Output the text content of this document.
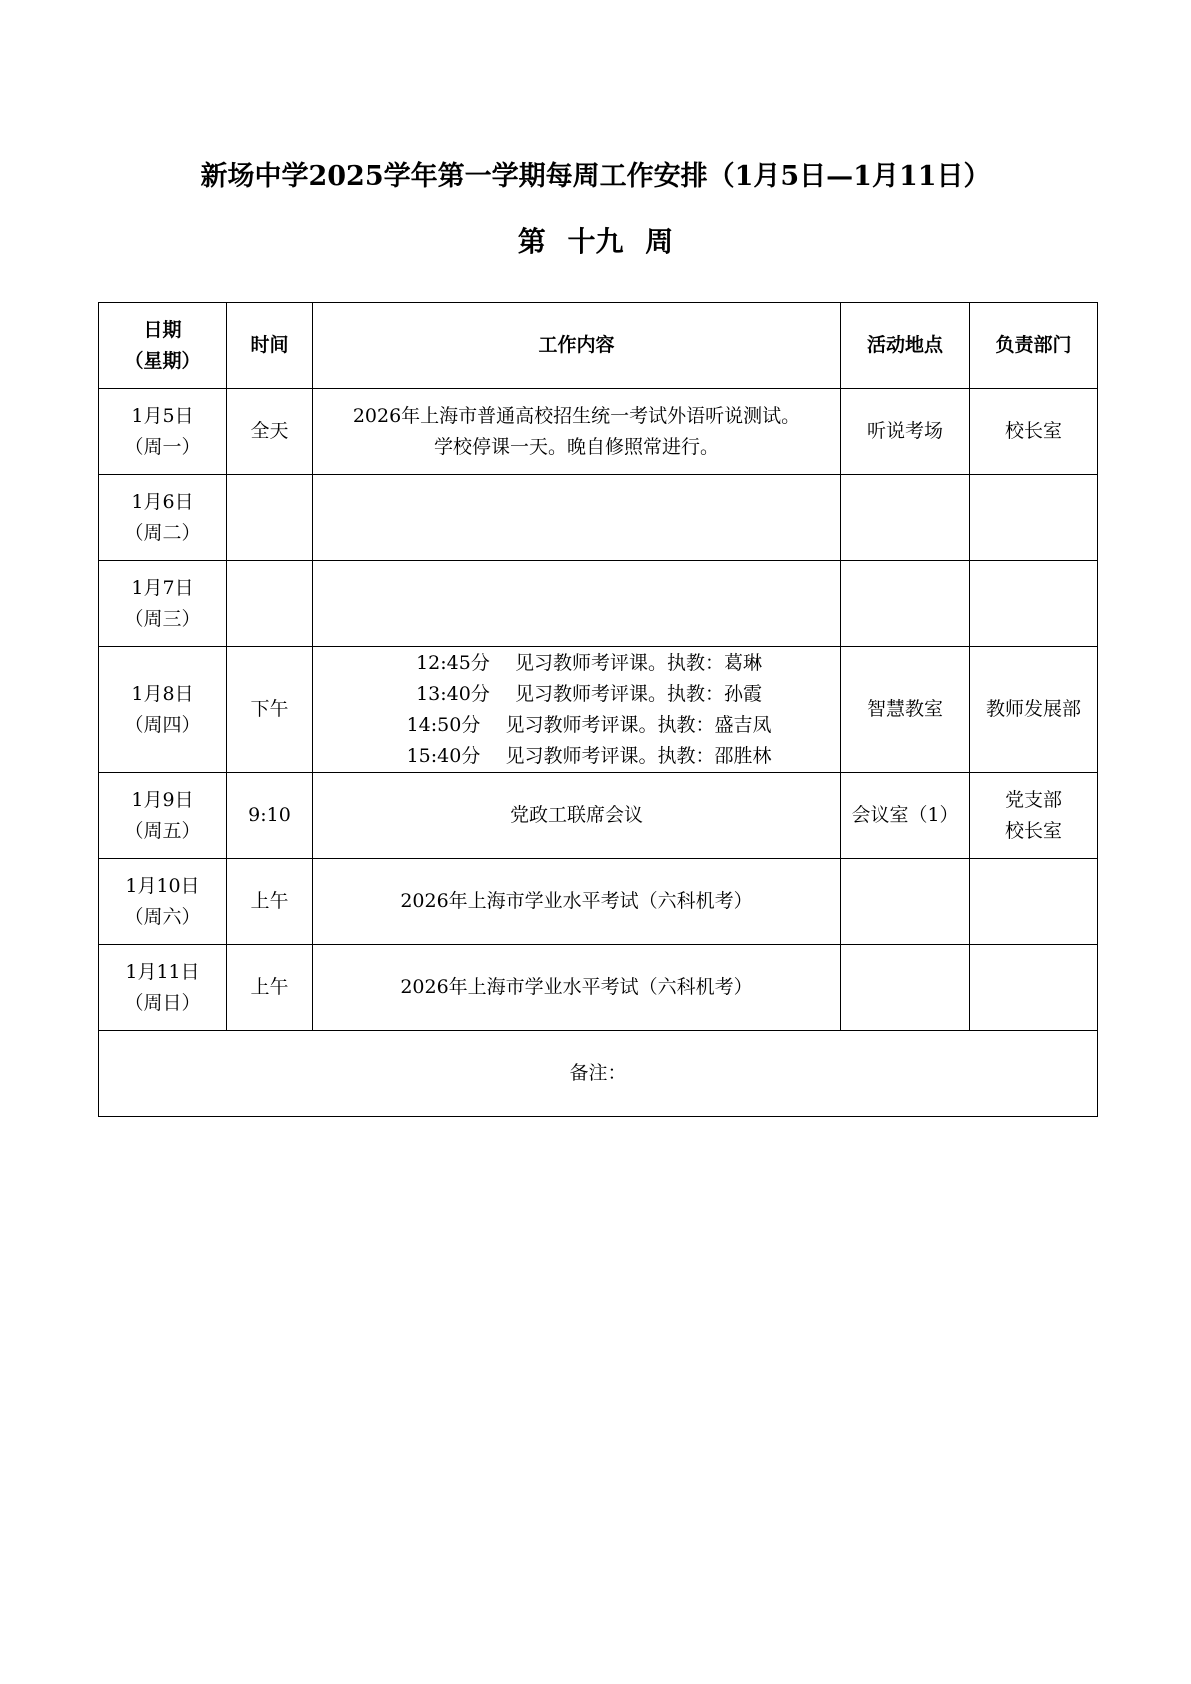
新场中学2025学年第一学期每周工作安排（1月5日—1月11日）
第 十九 周
日期
（星期）	时间	工作内容	活动地点	负责部门

1月5日
（周一）	全天	2026年上海市普通高校招生统一考试外语听说测试。
学校停课一天。晚自修照常进行。	听说考场	校长室

1月6日
（周二）				

1月7日
（周三）				

1月8日
（周四）	下午	12:45分 见习教师考评课。执教：葛琳
13:40分 见习教师考评课。执教：孙霞
14:50分 见习教师考评课。执教：盛吉凤
15:40分 见习教师考评课。执教：邵胜林	智慧教室	教师发展部

1月9日
（周五）	9:10	党政工联席会议	会议室（1）	党支部
校长室

1月10日
（周六）	上午	2026年上海市学业水平考试（六科机考）		

1月11日
（周日）	上午	2026年上海市学业水平考试（六科机考）		

备注：				
